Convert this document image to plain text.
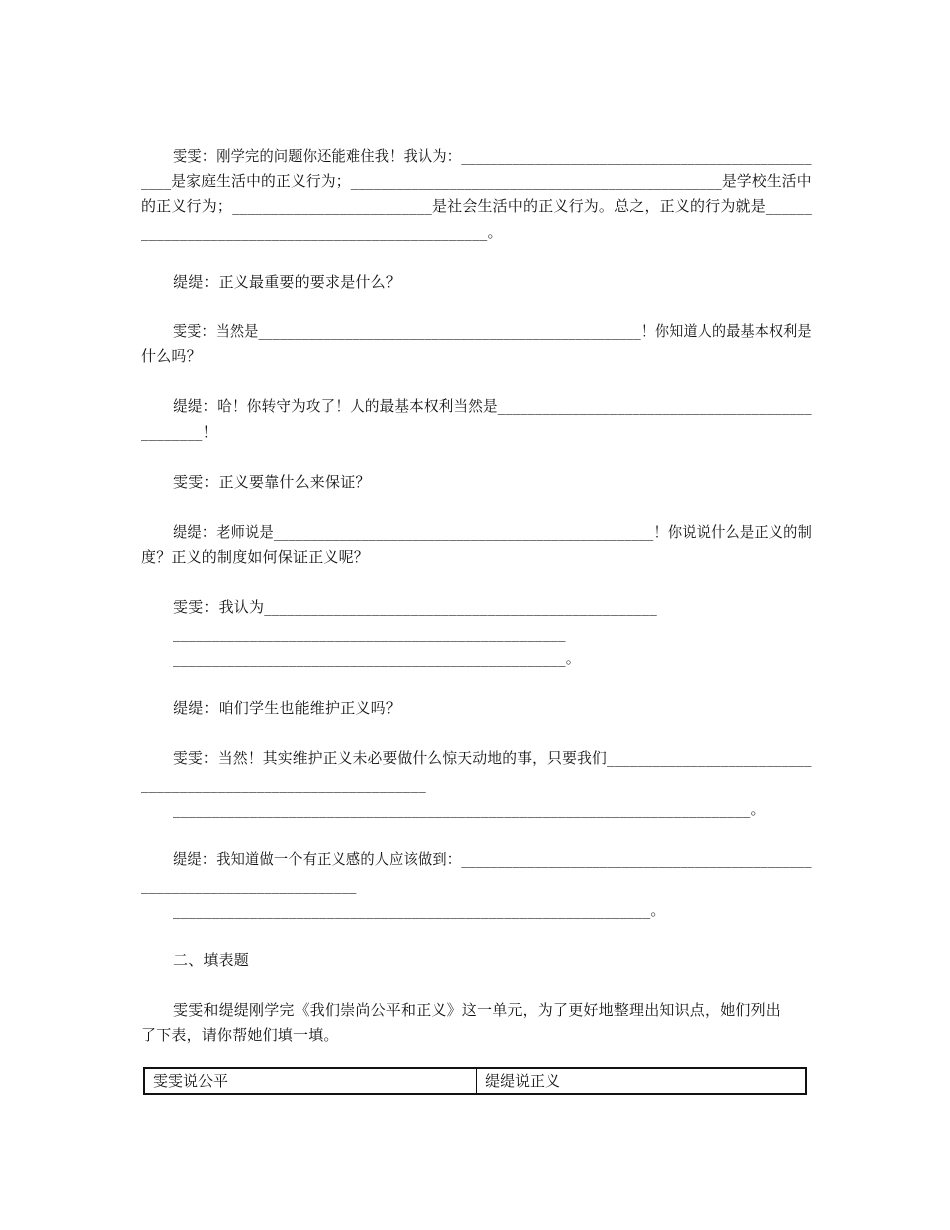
雯雯：刚学完的问题你还能难住我！我认为：________________________________________________
____是家庭生活中的正义行为；_________________________________________________是学校生活中
的正义行为；__________________________是社会生活中的正义行为。总之，正义的行为就是______
_____________________________________________。
缇缇：正义最重要的要求是什么？
雯雯：当然是_____________________________________________________！你知道人的最基本权利是
什么吗？
缇缇：哈！你转守为攻了！人的最基本权利当然是__________________________________________
________！
雯雯：正义要靠什么来保证？
缇缇：老师说是____________________________________________________！你说说什么是正义的制
度？正义的制度如何保证正义呢？
雯雯：我认为___________________________________________________
___________________________________________________
___________________________________________________。
缇缇：咱们学生也能维护正义吗？
雯雯：当然！其实维护正义未必要做什么惊天动地的事，只要我们___________________________
_____________________________________
___________________________________________________________________________。
缇缇：我知道做一个有正义感的人应该做到：________________________________________________
____________________________
______________________________________________________________。
二、填表题
雯雯和缇缇刚学完《我们崇尚公平和正义》这一单元，为了更好地整理出知识点，她们列出
了下表，请你帮她们填一填。
雯雯说公平	缇缇说正义
